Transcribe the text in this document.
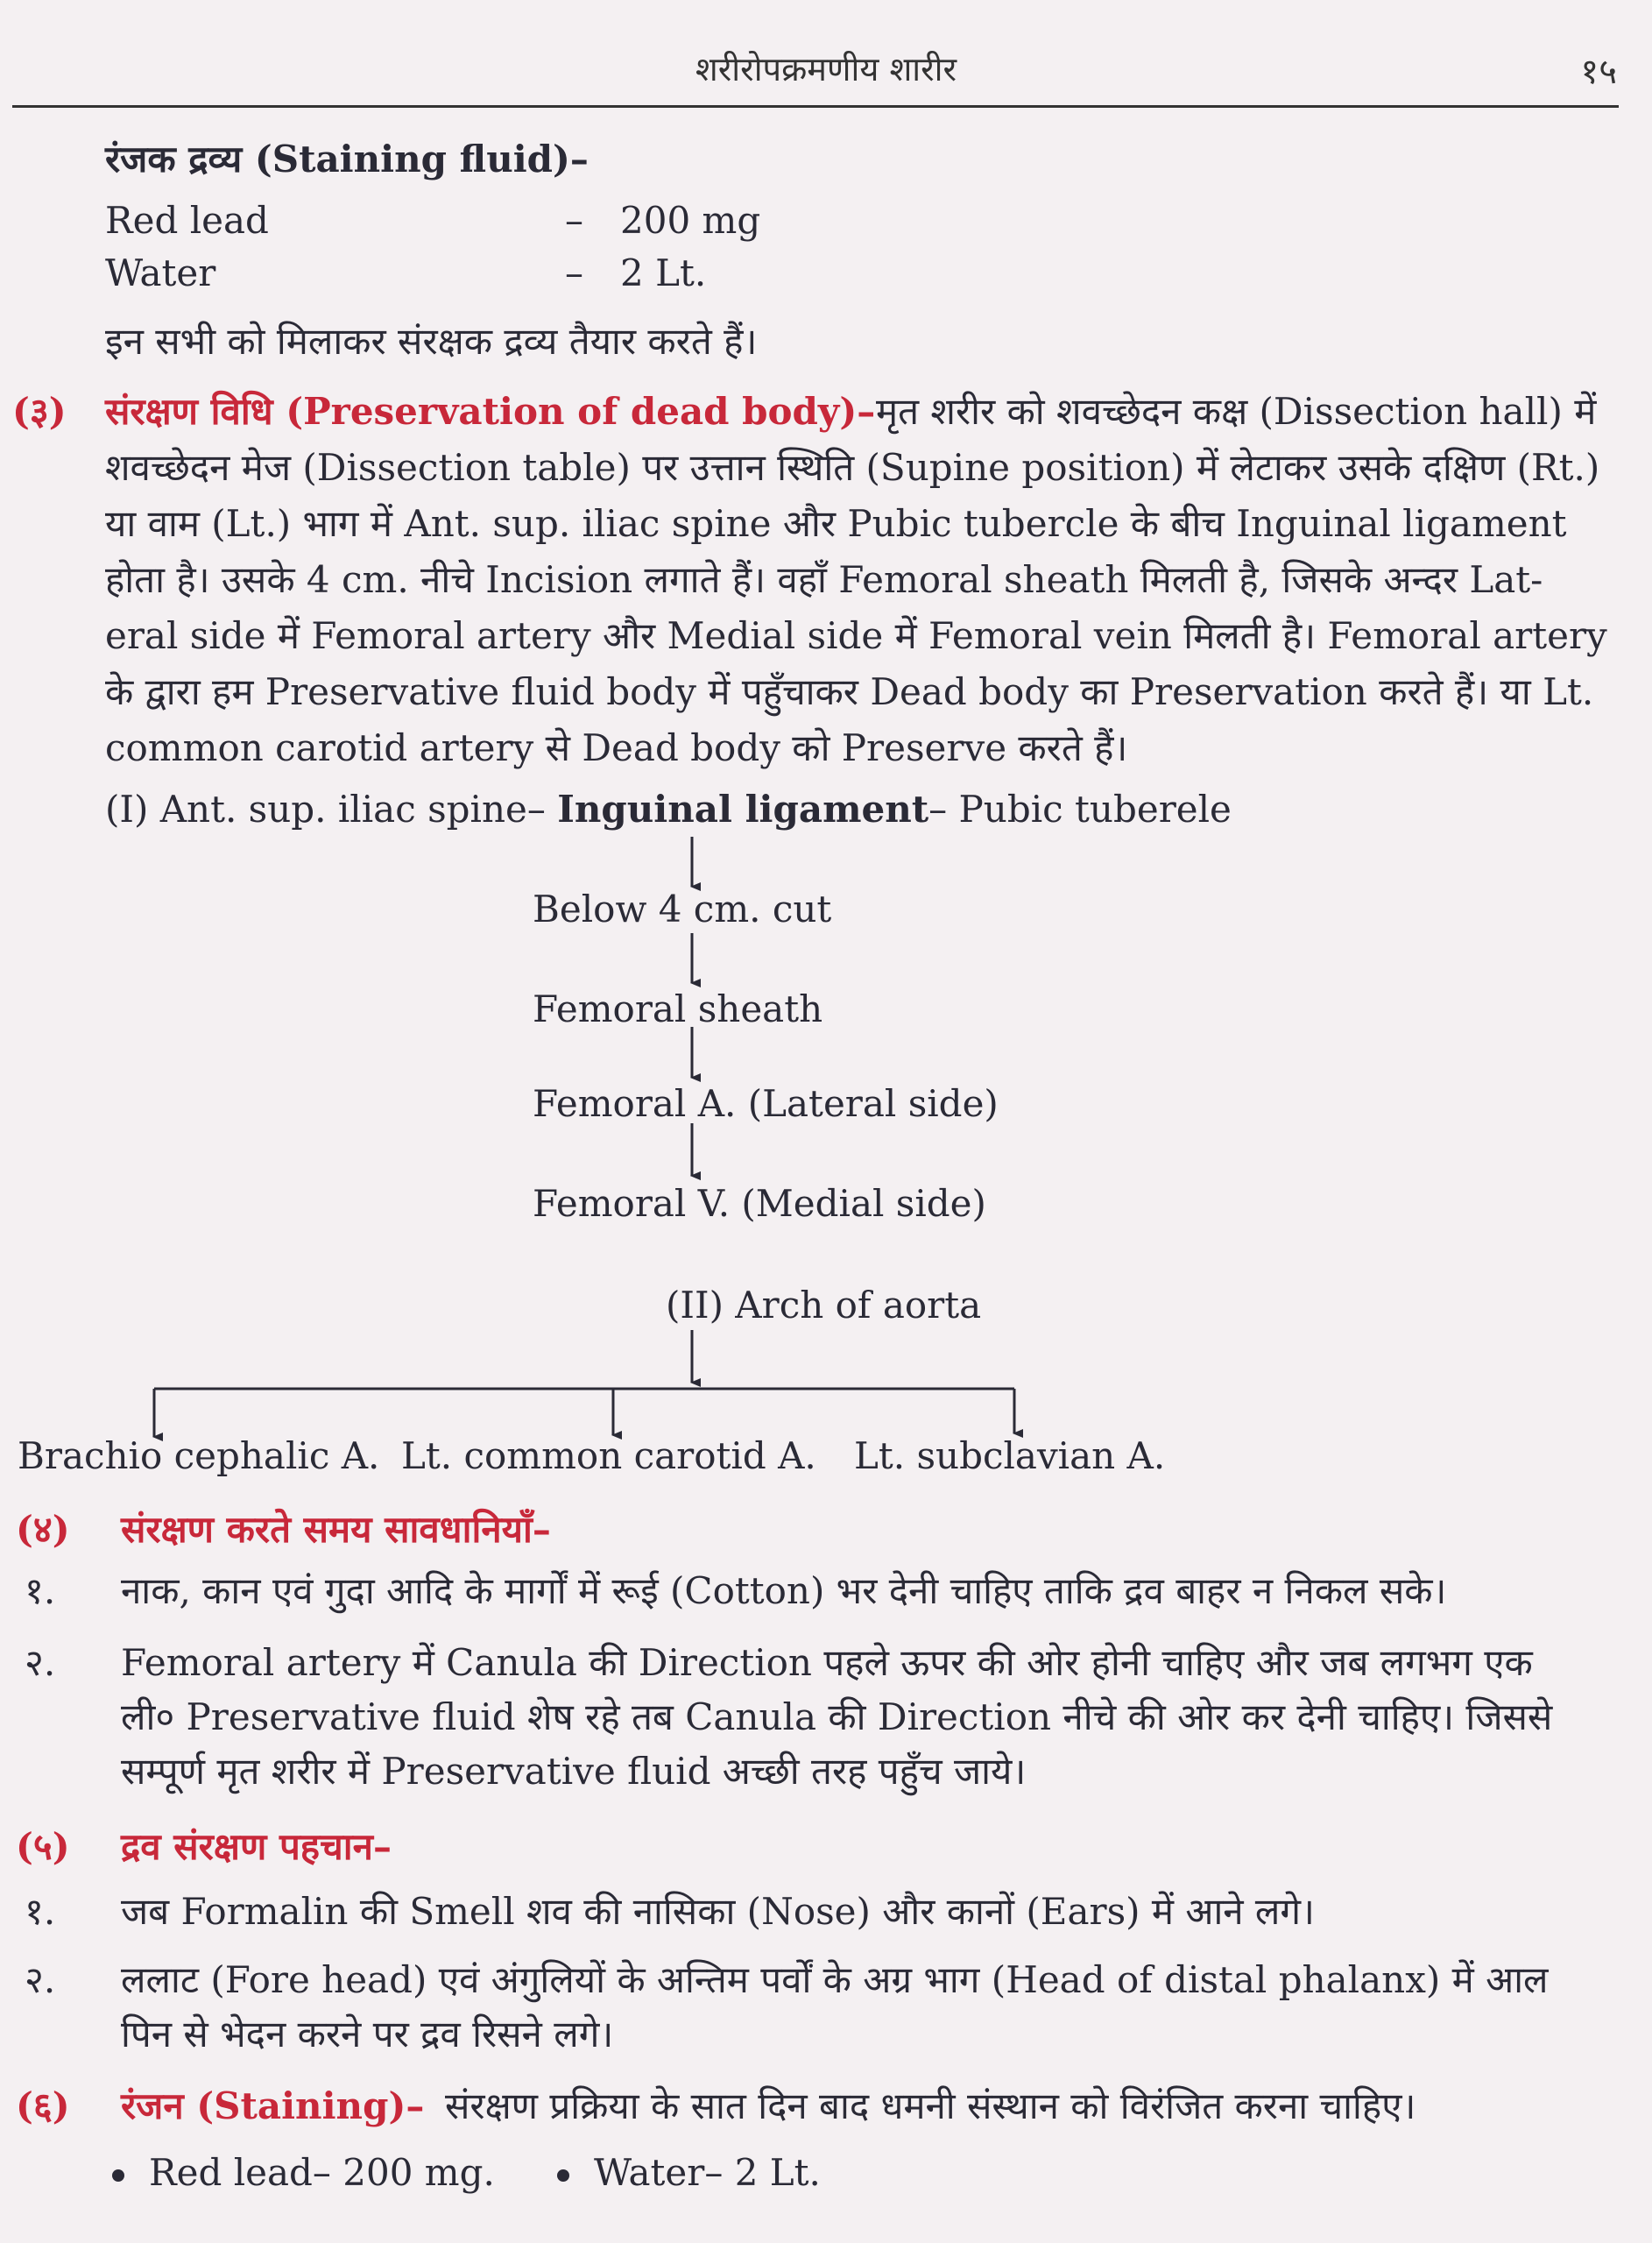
शरीरोपक्रमणीय शारीर	१५
रंजक द्रव्य (Staining fluid)–
Red lead	– 200 mg
Water	– 2 Lt.
इन सभी को मिलाकर संरक्षक द्रव्य तैयार करते हैं।
(३) संरक्षण विधि (Preservation of dead body)– मृत शरीर को शवच्छेदन कक्ष (Dissection hall) में
शवच्छेदन मेज (Dissection table) पर उत्तान स्थिति (Supine position) में लेटाकर उसके दक्षिण (Rt.)
या वाम (Lt.) भाग में Ant. sup. iliac spine और Pubic tubercle के बीच Inguinal ligament
होता है। उसके 4 cm. नीचे Incision लगाते हैं। वहाँ Femoral sheath मिलती है, जिसके अन्दर Lat-
eral side में Femoral artery और Medial side में Femoral vein मिलती है। Femoral artery
के द्वारा हम Preservative fluid body में पहुँचाकर Dead body का Preservation करते हैं। या Lt.
common carotid artery से Dead body को Preserve करते हैं।
(I) Ant. sup. iliac spine– Inguinal ligament– Pubic tuberele
Below 4 cm. cut
Femoral sheath
Femoral A. (Lateral side)
Femoral V. (Medial side)
(II) Arch of aorta
Brachio cephalic A. Lt. common carotid A. Lt. subclavian A.
(४) संरक्षण करते समय सावधानियाँ–
१. नाक, कान एवं गुदा आदि के मार्गों में रूई (Cotton) भर देनी चाहिए ताकि द्रव बाहर न निकल सके।
२. Femoral artery में Canula की Direction पहले ऊपर की ओर होनी चाहिए और जब लगभग एक
ली० Preservative fluid शेष रहे तब Canula की Direction नीचे की ओर कर देनी चाहिए। जिससे
सम्पूर्ण मृत शरीर में Preservative fluid अच्छी तरह पहुँच जाये।
(५) द्रव संरक्षण पहचान–
१. जब Formalin की Smell शव की नासिका (Nose) और कानों (Ears) में आने लगे।
२. ललाट (Fore head) एवं अंगुलियों के अन्तिम पर्वों के अग्र भाग (Head of distal phalanx) में आल
पिन से भेदन करने पर द्रव रिसने लगे।
(६) रंजन (Staining)– संरक्षण प्रक्रिया के सात दिन बाद धमनी संस्थान को विरंजित करना चाहिए।
Red lead– 200 mg.	Water– 2 Lt.
